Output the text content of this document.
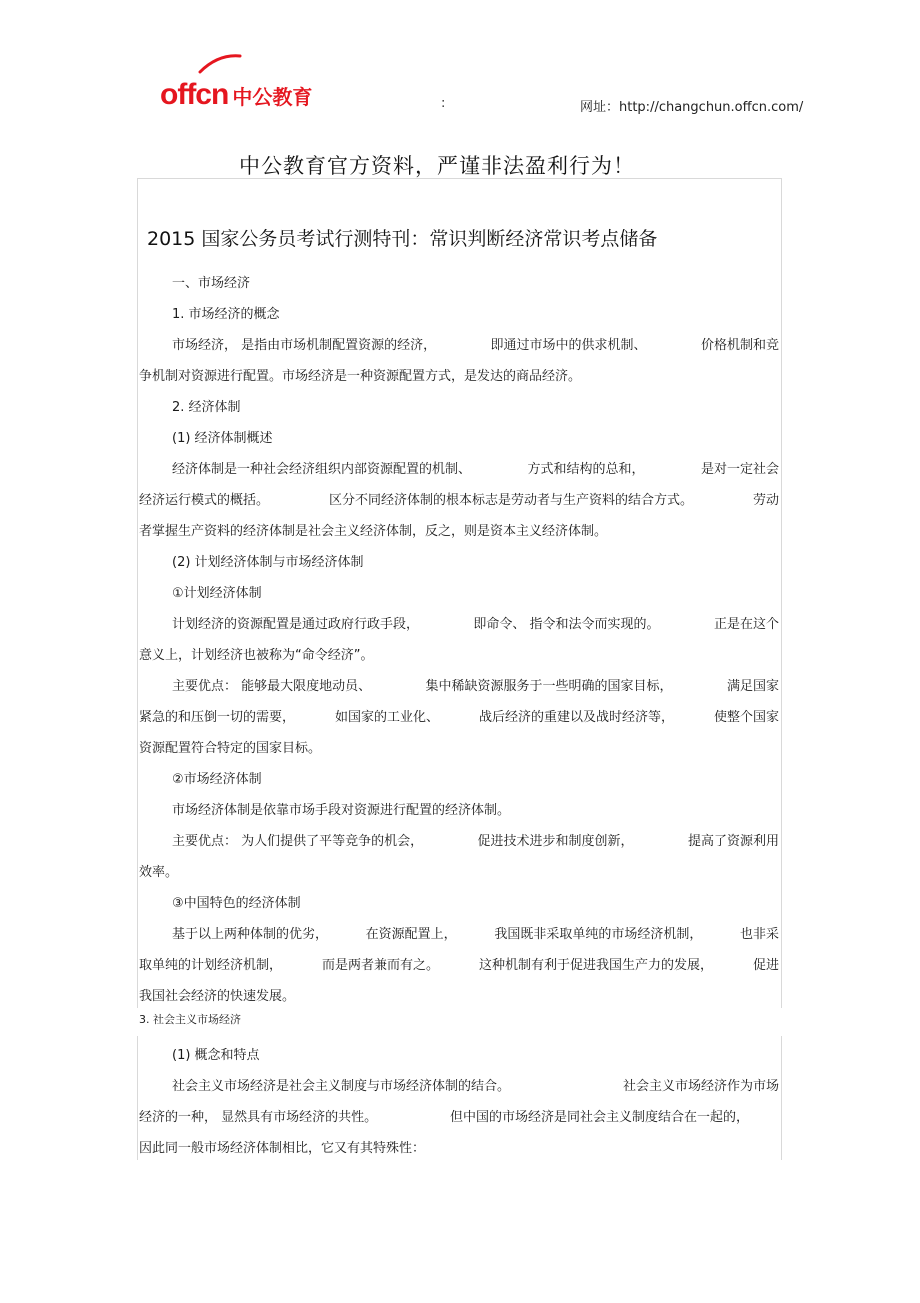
offcn 中公教育	:	网址：http://changchun.offcn.com/
中公教育官方资料，严谨非法盈利行为！
2015 国家公务员考试行测特刊：常识判断经济常识考点储备
一、市场经济
1. 市场经济的概念
市场经济， 是指由市场机制配置资源的经济，	即通过市场中的供求机制、	价格机制和竞
争机制对资源进行配置。市场经济是一种资源配置方式，是发达的商品经济。
2. 经济体制
(1) 经济体制概述
经济体制是一种社会经济组织内部资源配置的机制、	方式和结构的总和，	是对一定社会
经济运行模式的概括。	区分不同经济体制的根本标志是劳动者与生产资料的结合方式。	劳动
者掌握生产资料的经济体制是社会主义经济体制，反之，则是资本主义经济体制。
(2) 计划经济体制与市场经济体制
①计划经济体制
计划经济的资源配置是通过政府行政手段，	即命令、 指令和法令而实现的。	正是在这个
意义上，计划经济也被称为“命令经济”。
主要优点： 能够最大限度地动员、	集中稀缺资源服务于一些明确的国家目标，	满足国家
紧急的和压倒一切的需要，	如国家的工业化、	战后经济的重建以及战时经济等，	使整个国家
资源配置符合特定的国家目标。
②市场经济体制
市场经济体制是依靠市场手段对资源进行配置的经济体制。
主要优点： 为人们提供了平等竞争的机会，	促进技术进步和制度创新，	提高了资源利用
效率。
③中国特色的经济体制
基于以上两种体制的优劣，	在资源配置上，	我国既非采取单纯的市场经济机制，	也非采
取单纯的计划经济机制，	而是两者兼而有之。	这种机制有利于促进我国生产力的发展，	促进
我国社会经济的快速发展。
3. 社会主义市场经济
(1) 概念和特点
社会主义市场经济是社会主义制度与市场经济体制的结合。	社会主义市场经济作为市场
经济的一种， 显然具有市场经济的共性。	但中国的市场经济是同社会主义制度结合在一起的，
因此同一般市场经济体制相比，它又有其特殊性：
